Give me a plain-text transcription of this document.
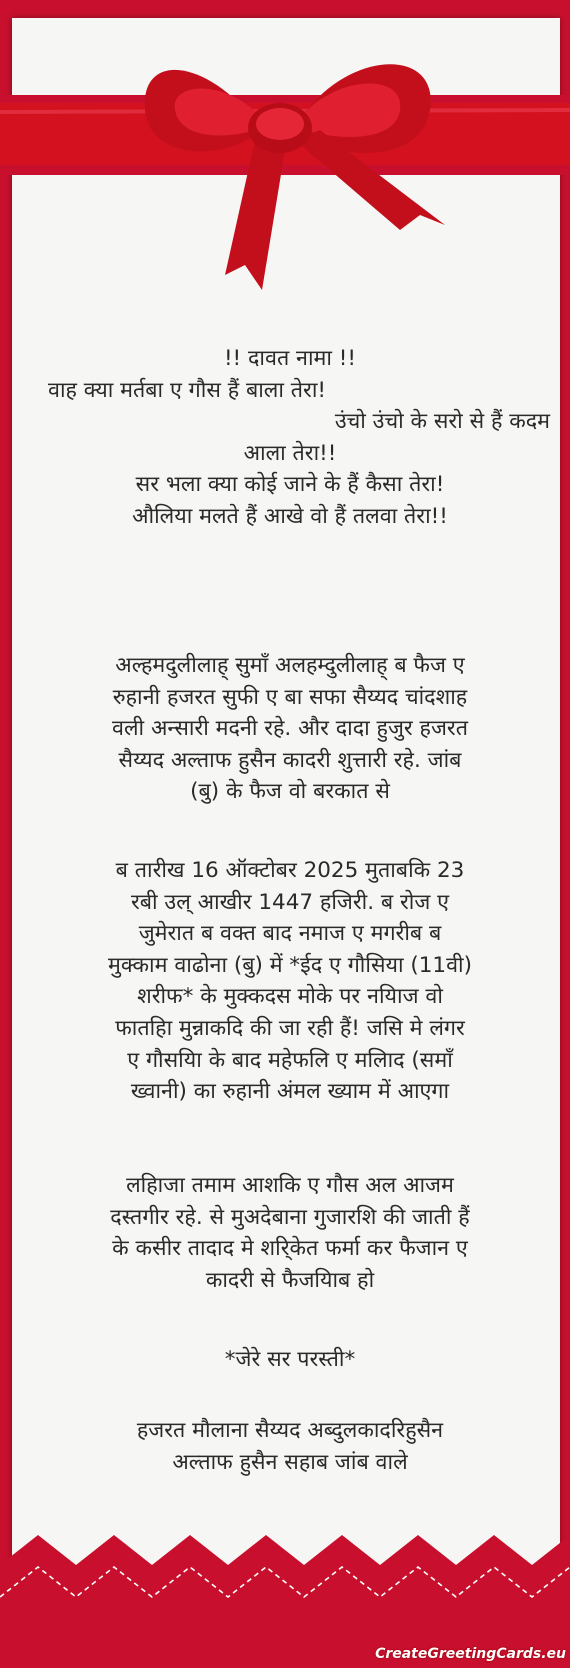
!! दावत नामा !!
वाह क्या मर्तबा ए गौस हैं बाला तेरा!
उंचो उंचो के सरो से हैं कदम
आला तेरा!!
सर भला क्या कोई जाने के हैं कैसा तेरा!
औलिया मलते हैं आखे वो हैं तलवा तेरा!!
अल्हमदुलीलाह् सुमाँ अलहम्दुलीलाह् ब फैज ए
रुहानी हजरत सुफी ए बा सफा सैय्यद चांदशाह
वली अन्सारी मदनी रहे. और दादा हुजुर हजरत
सैय्यद अल्ताफ हुसैन कादरी शुत्तारी रहे. जांब
(बु) के फैज वो बरकात से
ब तारीख 16 ऑक्टोबर 2025 मुताबकि 23
रबी उल् आखीर 1447 हजिरी. ब रोज ए
जुमेरात ब वक्त बाद नमाज ए मगरीब ब
मुक्काम वाढोना (बु) में *ईद ए गौसिया (11वी)
शरीफ* के मुक्कदस मोके पर नयिाज वो
फातहिा मुन्नाकदि की जा रही हैं! जसि मे लंगर
ए गौसयिा के बाद महेफलि ए मलिाद (समाँ
ख्वानी) का रुहानी अंमल ख्याम में आएगा
लहिाजा तमाम आशकि ए गौस अल आजम
दस्तगीर रहे. से मुअदेबाना गुजारशि की जाती हैं
के कसीर तादाद मे शरि्केत फर्मा कर फैजान ए
कादरी से फैजयिाब हो
*जेरे सर परस्ती*
हजरत मौलाना सैय्यद अब्दुलकादरिहुसैन
अल्ताफ हुसैन सहाब जांब वाले
CreateGreetingCards.eu
